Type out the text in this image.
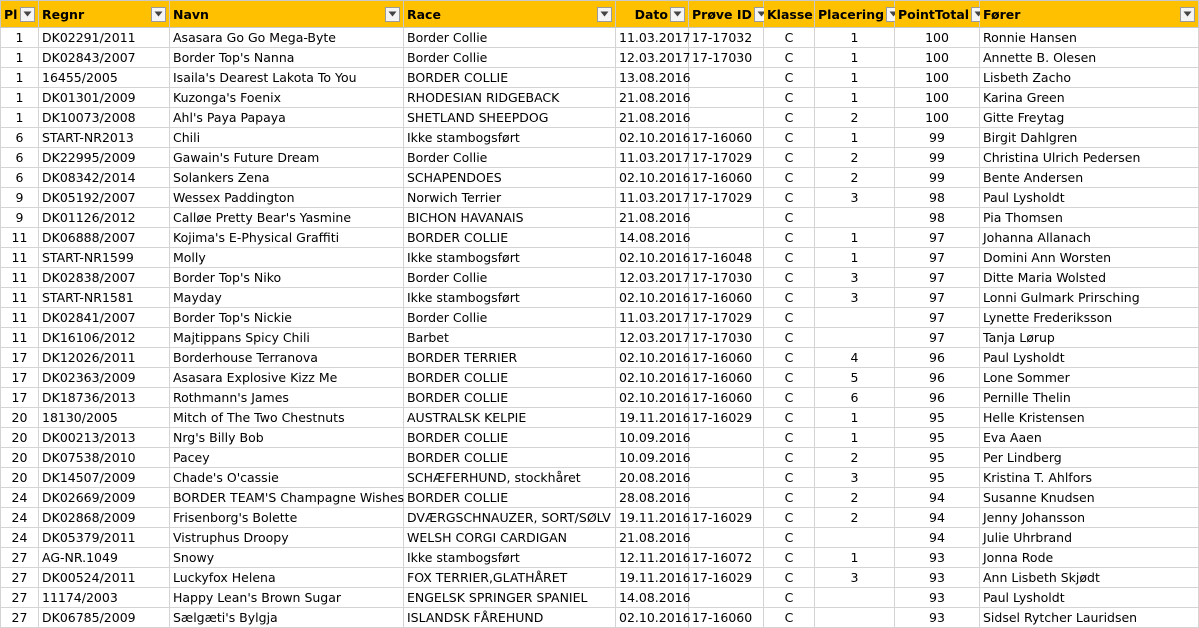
Pl	Regnr	Navn	Race	Dato	Prøve ID	Klasse	Placering	PointTotal	Fører

1	DK02291/2011	Asasara Go Go Mega-Byte	Border Collie	11.03.2017	17-17032	C	1	100	Ronnie Hansen
1	DK02843/2007	Border Top's Nanna	Border Collie	12.03.2017	17-17030	C	1	100	Annette B. Olesen
1	16455/2005	Isaila's Dearest Lakota To You	BORDER COLLIE	13.08.2016		C	1	100	Lisbeth Zacho
1	DK01301/2009	Kuzonga's Foenix	RHODESIAN RIDGEBACK	21.08.2016		C	1	100	Karina Green
1	DK10073/2008	Ahl's Paya Papaya	SHETLAND SHEEPDOG	21.08.2016		C	2	100	Gitte Freytag
6	START-NR2013	Chili	Ikke stambogsført	02.10.2016	17-16060	C	1	99	Birgit Dahlgren
6	DK22995/2009	Gawain's Future Dream	Border Collie	11.03.2017	17-17029	C	2	99	Christina Ulrich Pedersen
6	DK08342/2014	Solankers Zena	SCHAPENDOES	02.10.2016	17-16060	C	2	99	Bente Andersen
9	DK05192/2007	Wessex Paddington	Norwich Terrier	11.03.2017	17-17029	C	3	98	Paul Lysholdt
9	DK01126/2012	Calløe Pretty Bear's Yasmine	BICHON HAVANAIS	21.08.2016		C		98	Pia Thomsen
11	DK06888/2007	Kojima's E-Physical Graffiti	BORDER COLLIE	14.08.2016		C	1	97	Johanna Allanach
11	START-NR1599	Molly	Ikke stambogsført	02.10.2016	17-16048	C	1	97	Domini Ann Worsten
11	DK02838/2007	Border Top's Niko	Border Collie	12.03.2017	17-17030	C	3	97	Ditte Maria Wolsted
11	START-NR1581	Mayday	Ikke stambogsført	02.10.2016	17-16060	C	3	97	Lonni Gulmark Prirsching
11	DK02841/2007	Border Top's Nickie	Border Collie	11.03.2017	17-17029	C		97	Lynette Frederiksson
11	DK16106/2012	Majtippans Spicy Chili	Barbet	12.03.2017	17-17030	C		97	Tanja Lørup
17	DK12026/2011	Borderhouse Terranova	BORDER TERRIER	02.10.2016	17-16060	C	4	96	Paul Lysholdt
17	DK02363/2009	Asasara Explosive Kizz Me	BORDER COLLIE	02.10.2016	17-16060	C	5	96	Lone Sommer
17	DK18736/2013	Rothmann's James	BORDER COLLIE	02.10.2016	17-16060	C	6	96	Pernille Thelin
20	18130/2005	Mitch of The Two Chestnuts	AUSTRALSK KELPIE	19.11.2016	17-16029	C	1	95	Helle Kristensen
20	DK00213/2013	Nrg's Billy Bob	BORDER COLLIE	10.09.2016		C	1	95	Eva Aaen
20	DK07538/2010	Pacey	BORDER COLLIE	10.09.2016		C	2	95	Per Lindberg
20	DK14507/2009	Chade's O'cassie	SCHÆFERHUND, stockhåret	20.08.2016		C	3	95	Kristina T. Ahlfors
24	DK02669/2009	BORDER TEAM'S Champagne Wishes	BORDER COLLIE	28.08.2016		C	2	94	Susanne Knudsen
24	DK02868/2009	Frisenborg's Bolette	DVÆRGSCHNAUZER, SORT/SØLV	19.11.2016	17-16029	C	2	94	Jenny Johansson
24	DK05379/2011	Vistruphus Droopy	WELSH CORGI CARDIGAN	21.08.2016		C		94	Julie Uhrbrand
27	AG-NR.1049	Snowy	Ikke stambogsført	12.11.2016	17-16072	C	1	93	Jonna Rode
27	DK00524/2011	Luckyfox Helena	FOX TERRIER,GLATHÅRET	19.11.2016	17-16029	C	3	93	Ann Lisbeth Skjødt
27	11174/2003	Happy Lean's Brown Sugar	ENGELSK SPRINGER SPANIEL	14.08.2016		C		93	Paul Lysholdt
27	DK06785/2009	Sælgæti's Bylgja	ISLANDSK FÅREHUND	02.10.2016	17-16060	C		93	Sidsel Rytcher Lauridsen
